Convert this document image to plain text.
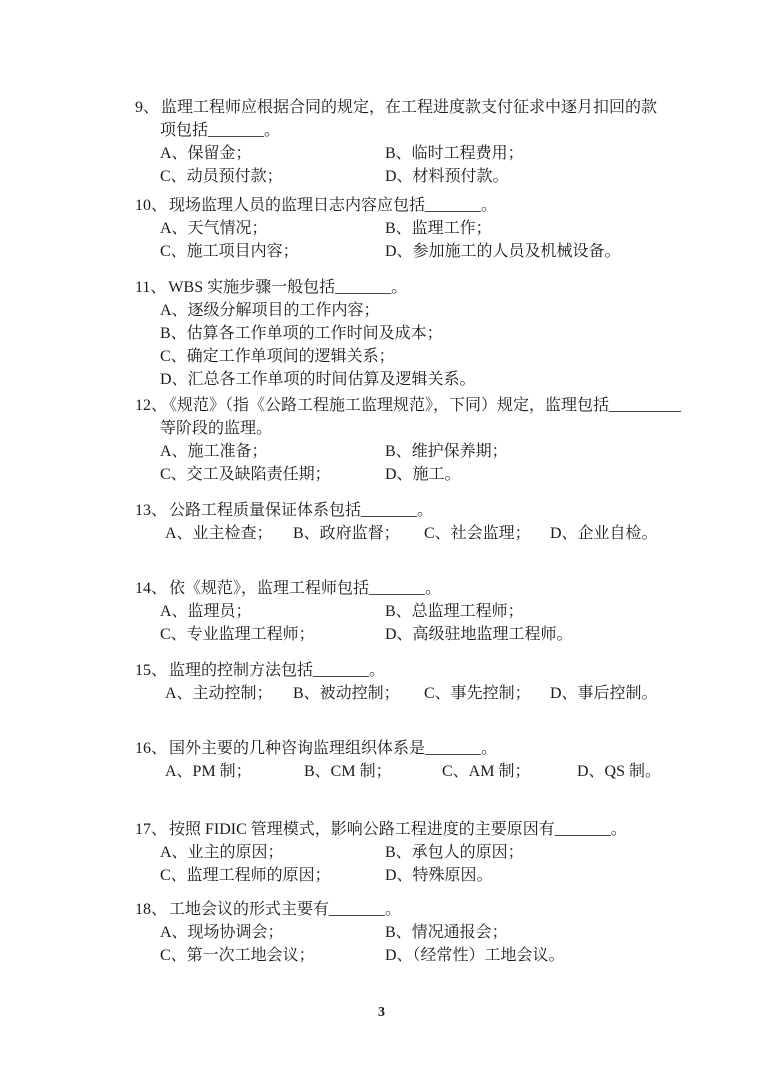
9、 监理工程师应根据合同的规定，在工程进度款支付征求中逐月扣回的款
项包括_______。
A、保留金；	B、临时工程费用；
C、动员预付款；	D、材料预付款。
10、 现场监理人员的监理日志内容应包括_______。
A、天气情况；	B、监理工作；
C、施工项目内容；	D、参加施工的人员及机械设备。
11、 WBS 实施步骤一般包括_______。
A、逐级分解项目的工作内容；
B、估算各工作单项的工作时间及成本；
C、确定工作单项间的逻辑关系；
D、汇总各工作单项的时间估算及逻辑关系。
12、 《规范》（指《公路工程施工监理规范》，下同）规定，监理包括_________
等阶段的监理。
A、施工准备；	B、维护保养期；
C、交工及缺陷责任期；	D、施工。
13、 公路工程质量保证体系包括_______。
A、业主检查； B、政府监督； C、社会监理； D、企业自检。
14、 依《规范》，监理工程师包括_______。
A、监理员；	B、总监理工程师；
C、专业监理工程师；	D、高级驻地监理工程师。
15、 监理的控制方法包括_______。
A、主动控制； B、被动控制； C、事先控制； D、事后控制。
16、 国外主要的几种咨询监理组织体系是_______。
A、PM 制；	B、CM 制；	C、AM 制；	D、QS 制。
17、 按照 FIDIC 管理模式，影响公路工程进度的主要原因有_______。
A、业主的原因；	B、承包人的原因；
C、监理工程师的原因；	D、特殊原因。
18、 工地会议的形式主要有_______。
A、现场协调会；	B、情况通报会；
C、第一次工地会议；	D、（经常性）工地会议。
3
